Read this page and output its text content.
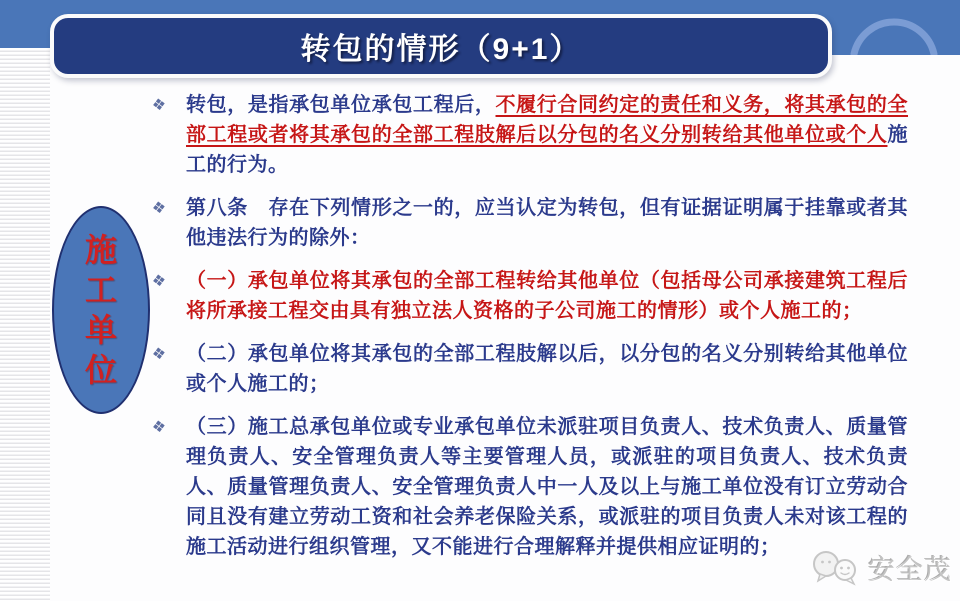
转包的情形（9+1）
施
工
单
位
❖ 转包，是指承包单位承包工程后，不履行合同约定的责任和义务，将其承包的全部工程或者将其承包的全部工程肢解后以分包的名义分别转给其他单位或个人施工的行为。
❖ 第八条　存在下列情形之一的，应当认定为转包，但有证据证明属于挂靠或者其他违法行为的除外：
❖ （一）承包单位将其承包的全部工程转给其他单位（包括母公司承接建筑工程后将所承接工程交由具有独立法人资格的子公司施工的情形）或个人施工的；
❖ （二）承包单位将其承包的全部工程肢解以后，以分包的名义分别转给其他单位或个人施工的；
❖ （三）施工总承包单位或专业承包单位未派驻项目负责人、技术负责人、质量管理负责人、安全管理负责人等主要管理人员，或派驻的项目负责人、技术负责人、质量管理负责人、安全管理负责人中一人及以上与施工单位没有订立劳动合同且没有建立劳动工资和社会养老保险关系，或派驻的项目负责人未对该工程的施工活动进行组织管理，又不能进行合理解释并提供相应证明的；
安全茂
